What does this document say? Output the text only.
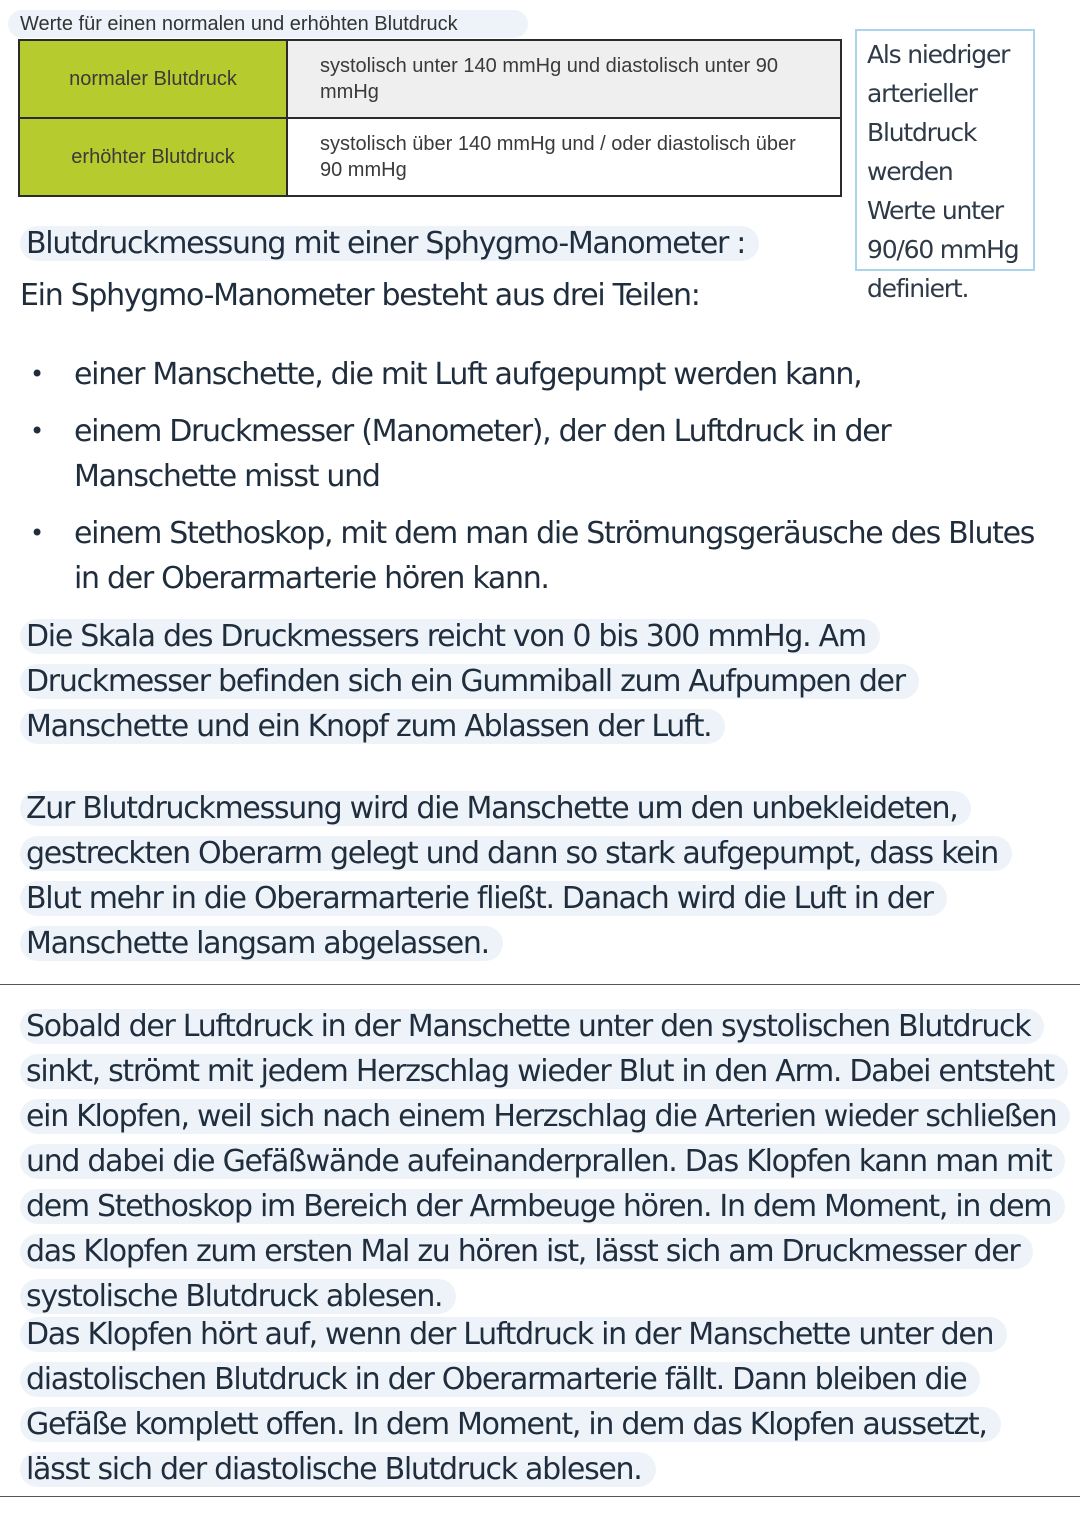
Werte für einen normalen und erhöhten Blutdruck
normaler Blutdruck	systolisch unter 140 mmHg und diastolisch unter 90 mmHg
erhöhter Blutdruck	systolisch über 140 mmHg und / oder diastolisch über 90 mmHg
Als niedriger arterieller Blutdruck werden Werte unter 90/60 mmHg definiert.
Blutdruckmessung mit einer Sphygmo-Manometer :
Ein Sphygmo-Manometer besteht aus drei Teilen:
• einer Manschette, die mit Luft aufgepumpt werden kann,
• einem Druckmesser (Manometer), der den Luftdruck in der Manschette misst und
• einem Stethoskop, mit dem man die Strömungsgeräusche des Blutes in der Oberarmarterie hören kann.

Die Skala des Druckmessers reicht von 0 bis 300 mmHg. Am Druckmesser befinden sich ein Gummiball zum Aufpumpen der Manschette und ein Knopf zum Ablassen der Luft.

Zur Blutdruckmessung wird die Manschette um den unbekleideten, gestreckten Oberarm gelegt und dann so stark aufgepumpt, dass kein Blut mehr in die Oberarmarterie fließt. Danach wird die Luft in der Manschette langsam abgelassen.

Sobald der Luftdruck in der Manschette unter den systolischen Blutdruck sinkt, strömt mit jedem Herzschlag wieder Blut in den Arm. Dabei entsteht ein Klopfen, weil sich nach einem Herzschlag die Arterien wieder schließen und dabei die Gefäßwände aufeinanderprallen. Das Klopfen kann man mit dem Stethoskop im Bereich der Armbeuge hören. In dem Moment, in dem das Klopfen zum ersten Mal zu hören ist, lässt sich am Druckmesser der systolische Blutdruck ablesen.

Das Klopfen hört auf, wenn der Luftdruck in der Manschette unter den diastolischen Blutdruck in der Oberarmarterie fällt. Dann bleiben die Gefäße komplett offen. In dem Moment, in dem das Klopfen aussetzt, lässt sich der diastolische Blutdruck ablesen.
